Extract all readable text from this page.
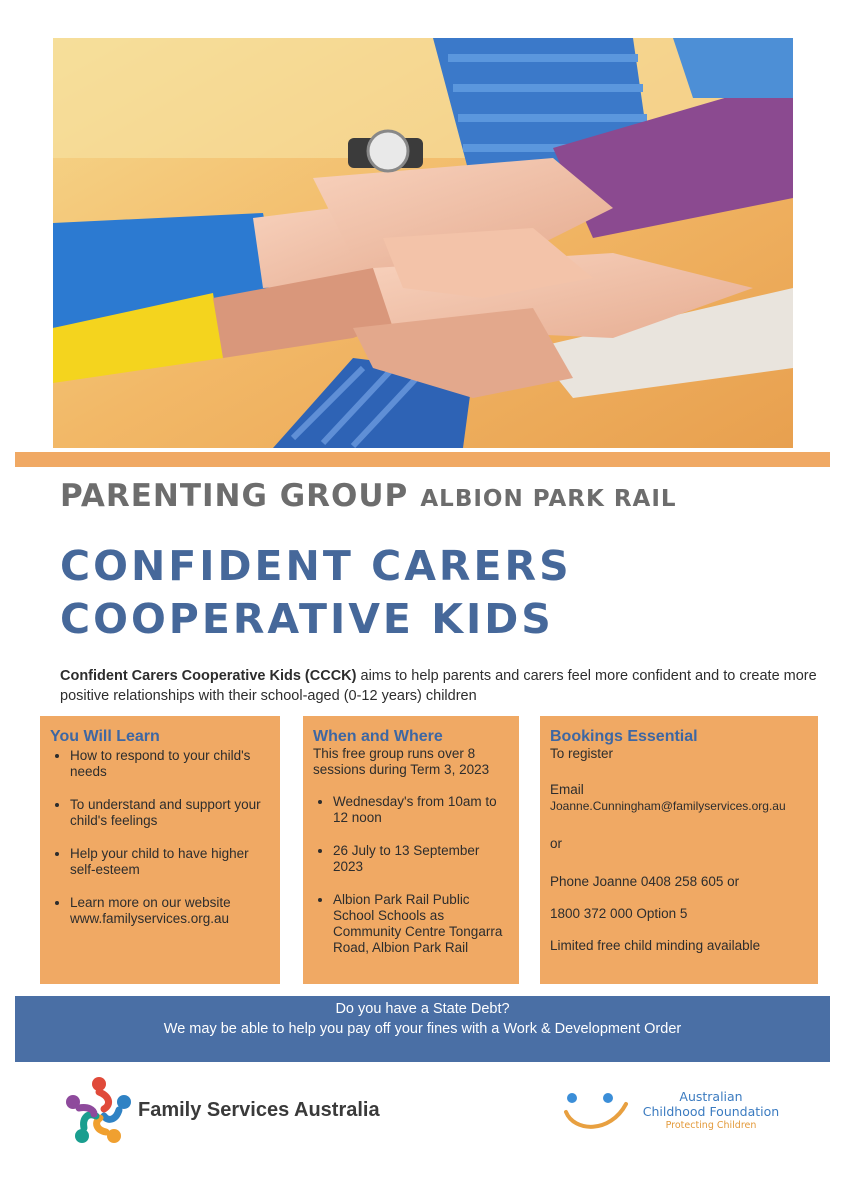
PARENTING GROUP ALBION PARK RAIL
CONFIDENT CARERS
COOPERATIVE KIDS
Confident Carers Cooperative Kids (CCCK) aims to help parents and carers feel more confident and to create more positive relationships with their school-aged (0-12 years) children
You Will Learn
• How to respond to your child's needs
• To understand and support your child's feelings
• Help your child to have higher self-esteem
• Learn more on our website www.familyservices.org.au
When and Where

This free group runs over 8 sessions during Term 3, 2023

• Wednesday's from 10am to 12 noon
• 26 July to 13 September 2023
• Albion Park Rail Public School Schools as Community Centre Tongarra Road, Albion Park Rail
Bookings Essential

To register

Email

Joanne.Cunningham@familyservices.org.au

or

Phone Joanne 0408 258 605 or

1800 372 000 Option 5

Limited free child minding available

Do you have a State Debt?
We may be able to help you pay off your fines with a Work & Development Order
Family Services Australia
Australian
Childhood Foundation
Protecting Children
